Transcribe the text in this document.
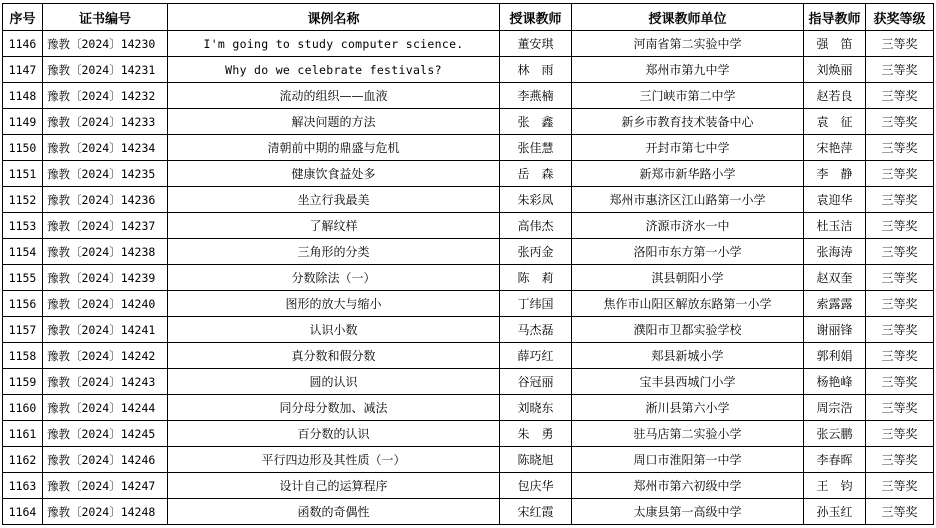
序号	证书编号	课例名称	授课教师	授课教师单位	指导教师	获奖等级
1146	豫教〔2024〕14230	I'm going to study computer science.	董安琪	河南省第二实验中学	强　笛	三等奖
1147	豫教〔2024〕14231	Why do we celebrate festivals?	林　雨	郑州市第九中学	刘焕丽	三等奖
1148	豫教〔2024〕14232	流动的组织——血液	李燕楠	三门峡市第二中学	赵若良	三等奖
1149	豫教〔2024〕14233	解决问题的方法	张　鑫	新乡市教育技术装备中心	袁　征	三等奖
1150	豫教〔2024〕14234	清朝前中期的鼎盛与危机	张佳慧	开封市第七中学	宋艳萍	三等奖
1151	豫教〔2024〕14235	健康饮食益处多	岳　森	新郑市新华路小学	李　静	三等奖
1152	豫教〔2024〕14236	坐立行我最美	朱彩凤	郑州市惠济区江山路第一小学	袁迎华	三等奖
1153	豫教〔2024〕14237	了解纹样	高伟杰	济源市济水一中	杜玉洁	三等奖
1154	豫教〔2024〕14238	三角形的分类	张丙金	洛阳市东方第一小学	张海涛	三等奖
1155	豫教〔2024〕14239	分数除法（一）	陈　莉	淇县朝阳小学	赵双奎	三等奖
1156	豫教〔2024〕14240	图形的放大与缩小	丁纬国	焦作市山阳区解放东路第一小学	索露露	三等奖
1157	豫教〔2024〕14241	认识小数	马杰磊	濮阳市卫都实验学校	谢丽锋	三等奖
1158	豫教〔2024〕14242	真分数和假分数	薛巧红	郏县新城小学	郭利娟	三等奖
1159	豫教〔2024〕14243	圆的认识	谷冠丽	宝丰县西城门小学	杨艳峰	三等奖
1160	豫教〔2024〕14244	同分母分数加、减法	刘晓东	淅川县第六小学	周宗浩	三等奖
1161	豫教〔2024〕14245	百分数的认识	朱　勇	驻马店第二实验小学	张云鹏	三等奖
1162	豫教〔2024〕14246	平行四边形及其性质（一）	陈晓旭	周口市淮阳第一中学	李春晖	三等奖
1163	豫教〔2024〕14247	设计自己的运算程序	包庆华	郑州市第六初级中学	王　钧	三等奖
1164	豫教〔2024〕14248	函数的奇偶性	宋红霞	太康县第一高级中学	孙玉红	三等奖
